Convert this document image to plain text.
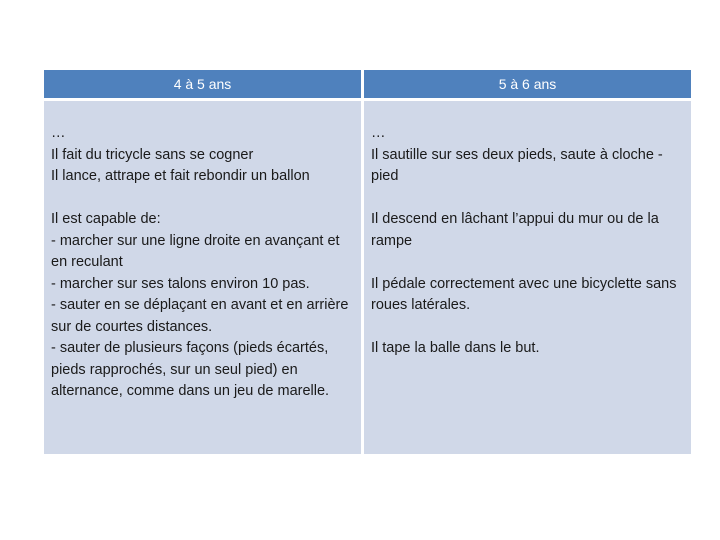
4 à 5 ans	5 à 6 ans
…
Il fait du tricycle sans se cogner
Il lance, attrape et fait rebondir un ballon
Il est capable de:
- marcher sur une ligne droite en avançant et en reculant
- marcher sur ses talons environ 10 pas.
- sauter en se déplaçant en avant et en arrière sur de courtes distances.
- sauter de plusieurs façons (pieds écartés, pieds rapprochés, sur un seul pied) en alternance, comme dans un jeu de marelle.
…
Il sautille sur ses deux pieds, saute à cloche -pied
Il descend en lâchant l’appui du mur ou de la rampe
Il pédale correctement avec une bicyclette sans roues latérales.
Il tape la balle dans le but.
